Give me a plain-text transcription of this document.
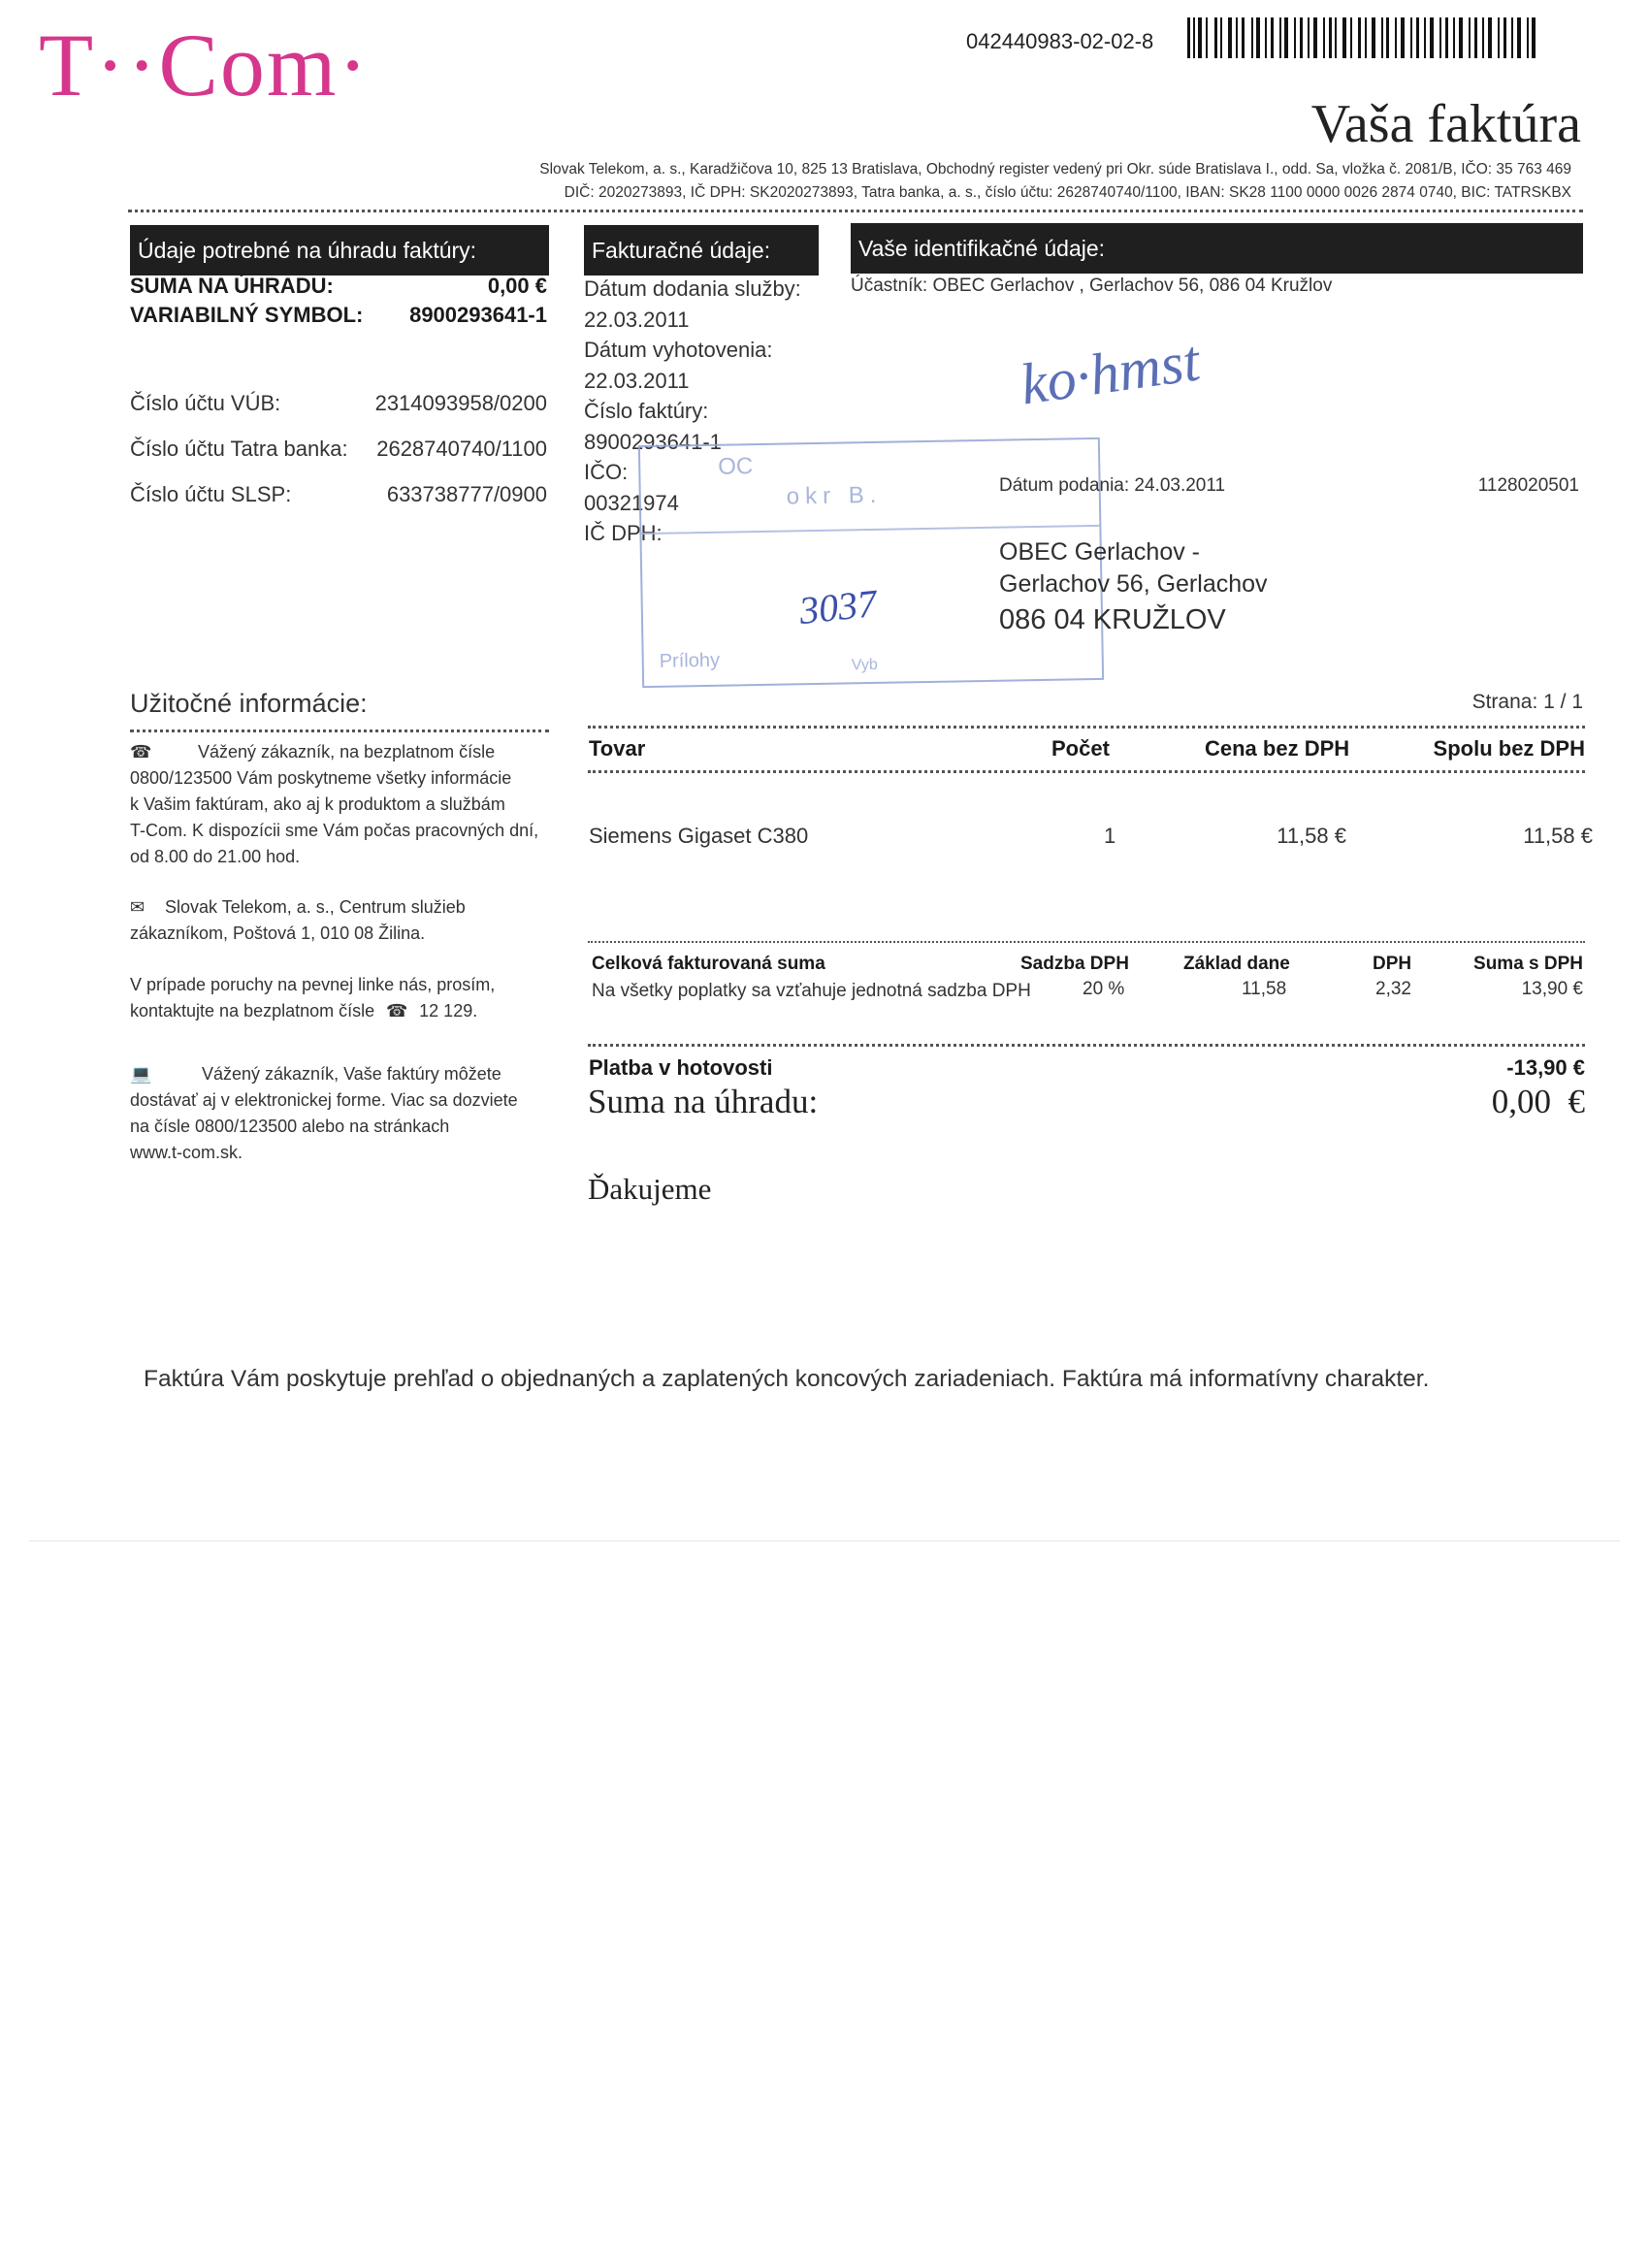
T··Com·	042440983-02-02-8
Vaša faktúra
Slovak Telekom, a. s., Karadžičova 10, 825 13 Bratislava, Obchodný register vedený pri Okr. súde Bratislava I., odd. Sa, vložka č. 2081/B, IČO: 35 763 469
DIČ: 2020273893, IČ DPH: SK2020273893, Tatra banka, a. s., číslo účtu: 2628740740/1100, IBAN: SK28 1100 0000 0026 2874 0740, BIC: TATRSKBX
Údaje potrebné na úhradu faktúry:
SUMA NA ÚHRADU:	0,00 €
VARIABILNÝ SYMBOL:	8900293641-1
Číslo účtu VÚB:	2314093958/0200
Číslo účtu Tatra banka:	2628740740/1100
Číslo účtu SLSP:	633738777/0900
Fakturačné údaje:
Dátum dodania služby:
22.03.2011
Dátum vyhotovenia:
22.03.2011
Číslo faktúry:
8900293641-1
IČO:
00321974
IČ DPH:
Vaše identifikačné údaje:
Účastník: OBEC Gerlachov , Gerlachov 56, 086 04 Kružlov
ko·hmst
OC
okr B.
Prílohy	Vyb
3037
Dátum podania: 24.03.2011	1128020501
OBEC Gerlachov -
Gerlachov 56, Gerlachov
086 04 KRUŽLOV
Užitočné informácie:
☎	Vážený zákazník, na bezplatnom čísle
0800/123500 Vám poskytneme všetky informácie
k Vašim faktúram, ako aj k produktom a službám
T-Com. K dispozícii sme Vám počas pracovných dní,
od 8.00 do 21.00 hod.
✉ Slovak Telekom, a. s., Centrum služieb
zákazníkom, Poštová 1, 010 08 Žilina.
V prípade poruchy na pevnej linke nás, prosím,
kontaktujte na bezplatnom čísle ☎ 12 129.
💻	Vážený zákazník, Vaše faktúry môžete
dostávať aj v elektronickej forme. Viac sa dozviete
na čísle 0800/123500 alebo na stránkach
www.t-com.sk.
Strana: 1 / 1
Tovar	Počet	Cena bez DPH	Spolu bez DPH
Siemens Gigaset C380	1	11,58 €	11,58 €
Celková fakturovaná suma	Sadzba DPH	Základ dane	DPH	Suma s DPH
Na všetky poplatky sa vzťahuje jednotná sadzba DPH	20 %	11,58	2,32	13,90 €
Platba v hotovosti	-13,90 €
Suma na úhradu:	0,00  €
Ďakujeme
Faktúra Vám poskytuje prehľad o objednaných a zaplatených koncových zariadeniach. Faktúra má informatívny charakter.
